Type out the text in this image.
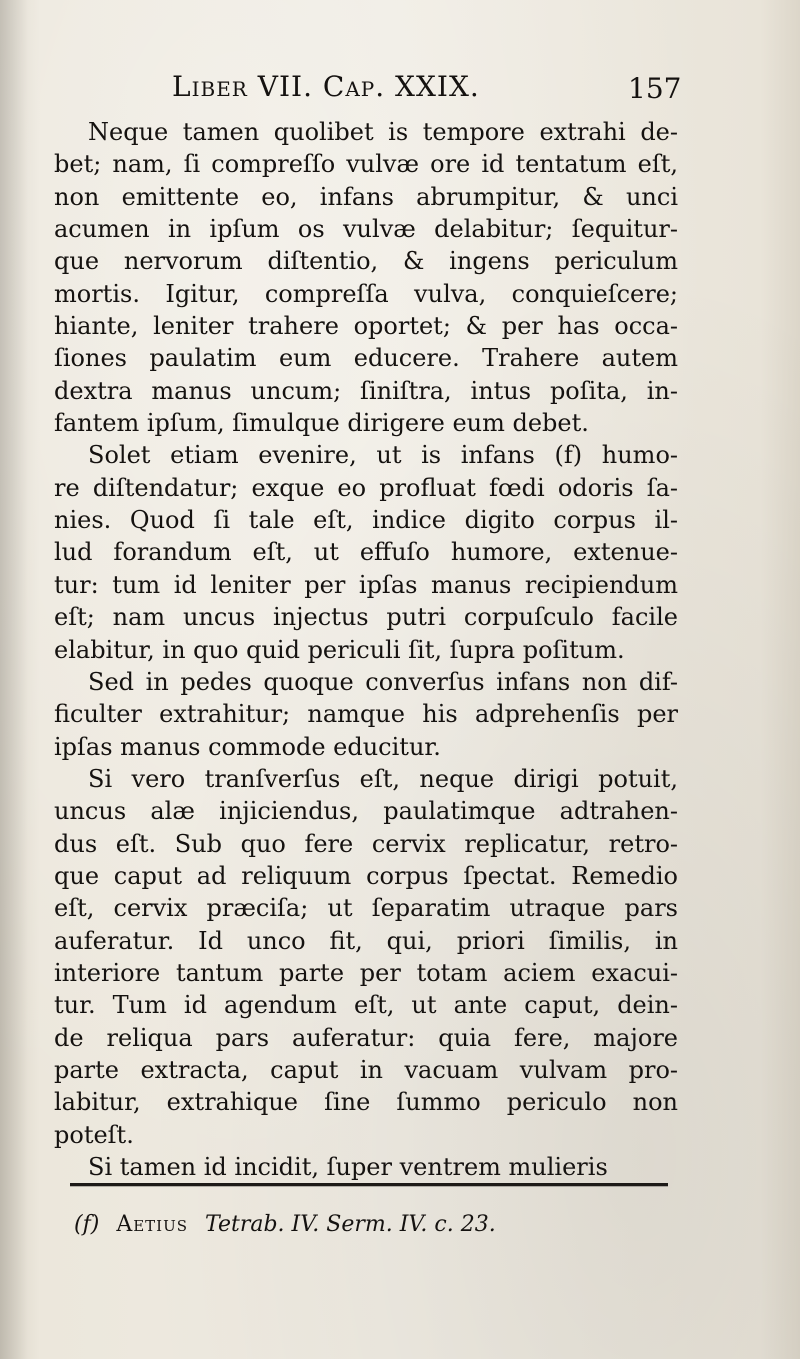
Liber VII. Cap. XXIX.	157
Neque tamen quolibet is tempore extrahi de-
bet; nam, ſi compreſſo vulvæ ore id tentatum eſt,
non emittente eo, infans abrumpitur, & unci
acumen in ipſum os vulvæ delabitur; ſequitur-
que nervorum diſtentio, & ingens periculum
mortis. Igitur, compreſſa vulva, conquieſcere;
hiante, leniter trahere oportet; & per has occa-
ſiones paulatim eum educere. Trahere autem
dextra manus uncum; ſiniſtra, intus poſita, in-
fantem ipſum, ſimulque dirigere eum debet.
Solet etiam evenire, ut is infans (f) humo-
re diſtendatur; exque eo profluat fœdi odoris ſa-
nies. Quod ſi tale eſt, indice digito corpus il-
lud forandum eſt, ut effuſo humore, extenue-
tur: tum id leniter per ipſas manus recipiendum
eſt; nam uncus injectus putri corpuſculo facile
elabitur, in quo quid periculi ſit, ſupra poſitum.
Sed in pedes quoque converſus infans non dif-
ficulter extrahitur; namque his adprehenſis per
ipſas manus commode educitur.
Si vero tranſverſus eſt, neque dirigi potuit,
uncus alæ injiciendus, paulatimque adtrahen-
dus eſt. Sub quo fere cervix replicatur, retro-
que caput ad reliquum corpus ſpectat. Remedio
eſt, cervix præciſa; ut ſeparatim utraque pars
auferatur. Id unco fit, qui, priori ſimilis, in
interiore tantum parte per totam aciem exacui-
tur. Tum id agendum eſt, ut ante caput, dein-
de reliqua pars auferatur: quia fere, majore
parte extracta, caput in vacuam vulvam pro-
labitur, extrahique ſine ſummo periculo non
poteſt.
Si tamen id incidit, ſuper ventrem mulieris
(f) Aetius Tetrab. IV. Serm. IV. c. 23.
